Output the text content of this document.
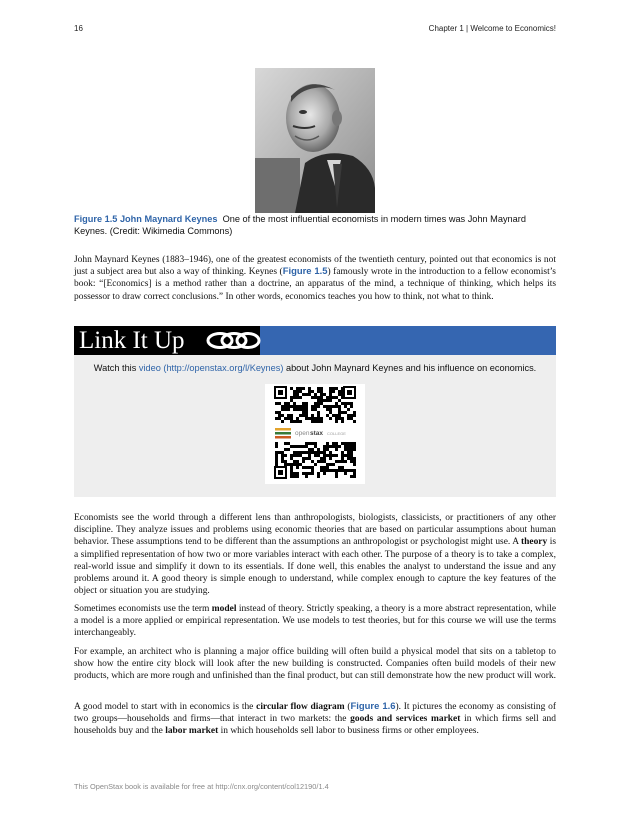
16	Chapter 1 | Welcome to Economics!
Figure 1.5 John Maynard Keynes One of the most influential economists in modern times was John Maynard Keynes. (Credit: Wikimedia Commons)

John Maynard Keynes (1883–1946), one of the greatest economists of the twentieth century, pointed out that economics is not just a subject area but also a way of thinking. Keynes (Figure 1.5) famously wrote in the introduction to a fellow economist’s book: “[Economics] is a method rather than a doctrine, an apparatus of the mind, a technique of thinking, which helps its possessor to draw correct conclusions.” In other words, economics teaches you how to think, not what to think.

Link It Up
Watch this video (http://openstax.org/l/Keynes) about John Maynard Keynes and his influence on economics.
open stax COLLEGE

Economists see the world through a different lens than anthropologists, biologists, classicists, or practitioners of any other discipline. They analyze issues and problems using economic theories that are based on particular assumptions about human behavior. These assumptions tend to be different than the assumptions an anthropologist or psychologist might use. A theory is a simplified representation of how two or more variables interact with each other. The purpose of a theory is to take a complex, real-world issue and simplify it down to its essentials. If done well, this enables the analyst to understand the issue and any problems around it. A good theory is simple enough to understand, while complex enough to capture the key features of the object or situation you are studying.

Sometimes economists use the term model instead of theory. Strictly speaking, a theory is a more abstract representation, while a model is a more applied or empirical representation. We use models to test theories, but for this course we will use the terms interchangeably.

For example, an architect who is planning a major office building will often build a physical model that sits on a tabletop to show how the entire city block will look after the new building is constructed. Companies often build models of their new products, which are more rough and unfinished than the final product, but can still demonstrate how the new product will work.

A good model to start with in economics is the circular flow diagram (Figure 1.6). It pictures the economy as consisting of two groups—households and firms—that interact in two markets: the goods and services market in which firms sell and households buy and the labor market in which households sell labor to business firms or other employees.

This OpenStax book is available for free at http://cnx.org/content/col12190/1.4
